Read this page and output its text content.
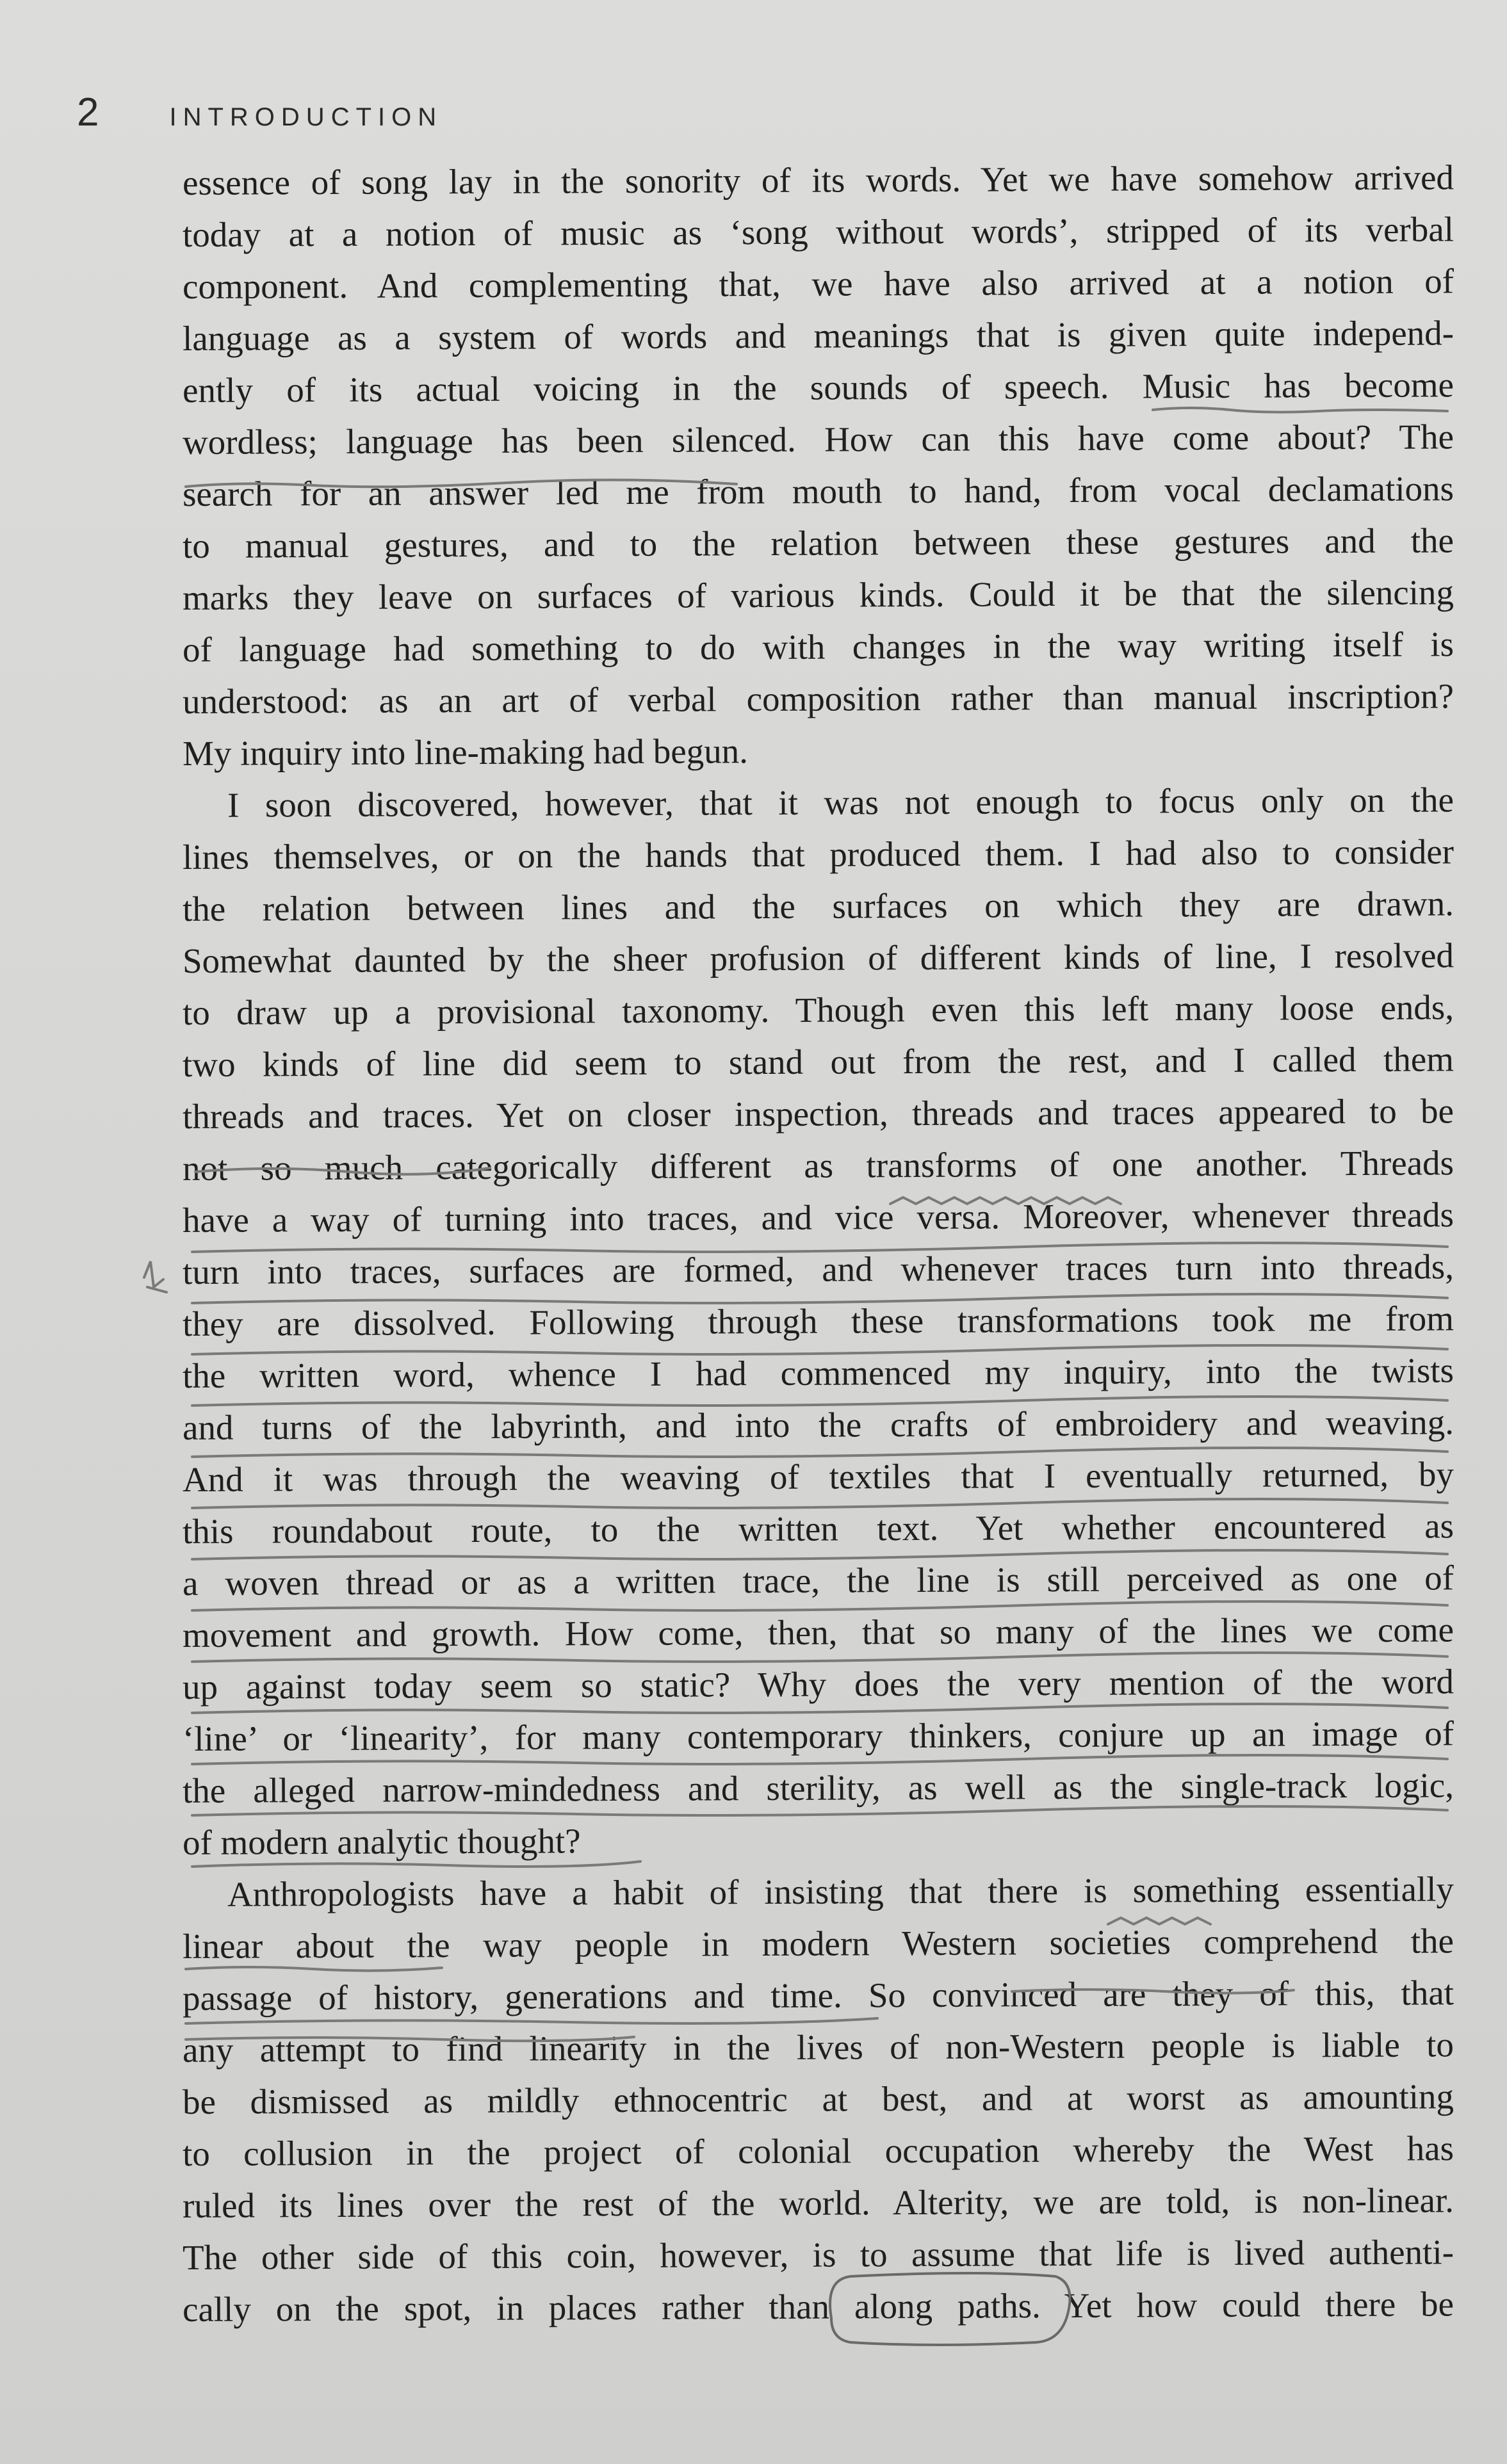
2	INTRODUCTION
essence of song lay in the sonority of its words. Yet we have somehow arrived
today at a notion of music as ‘song without words’, stripped of its verbal
component. And complementing that, we have also arrived at a notion of
language as a system of words and meanings that is given quite independ-
ently of its actual voicing in the sounds of speech. Music has become
wordless; language has been silenced. How can this have come about? The
search for an answer led me from mouth to hand, from vocal declamations
to manual gestures, and to the relation between these gestures and the
marks they leave on surfaces of various kinds. Could it be that the silencing
of language had something to do with changes in the way writing itself is
understood: as an art of verbal composition rather than manual inscription?
My inquiry into line-making had begun.
I soon discovered, however, that it was not enough to focus only on the
lines themselves, or on the hands that produced them. I had also to consider
the relation between lines and the surfaces on which they are drawn.
Somewhat daunted by the sheer profusion of different kinds of line, I resolved
to draw up a provisional taxonomy. Though even this left many loose ends,
two kinds of line did seem to stand out from the rest, and I called them
threads and traces. Yet on closer inspection, threads and traces appeared to be
not so much categorically different as transforms of one another. Threads
have a way of turning into traces, and vice versa. Moreover, whenever threads
turn into traces, surfaces are formed, and whenever traces turn into threads,
they are dissolved. Following through these transformations took me from
the written word, whence I had commenced my inquiry, into the twists
and turns of the labyrinth, and into the crafts of embroidery and weaving.
And it was through the weaving of textiles that I eventually returned, by
this roundabout route, to the written text. Yet whether encountered as
a woven thread or as a written trace, the line is still perceived as one of
movement and growth. How come, then, that so many of the lines we come
up against today seem so static? Why does the very mention of the word
‘line’ or ‘linearity’, for many contemporary thinkers, conjure up an image of
the alleged narrow-mindedness and sterility, as well as the single-track logic,
of modern analytic thought?
Anthropologists have a habit of insisting that there is something essentially
linear about the way people in modern Western societies comprehend the
passage of history, generations and time. So convinced are they of this, that
any attempt to find linearity in the lives of non-Western people is liable to
be dismissed as mildly ethnocentric at best, and at worst as amounting
to collusion in the project of colonial occupation whereby the West has
ruled its lines over the rest of the world. Alterity, we are told, is non-linear.
The other side of this coin, however, is to assume that life is lived authenti-
cally on the spot, in places rather than along paths. Yet how could there be
